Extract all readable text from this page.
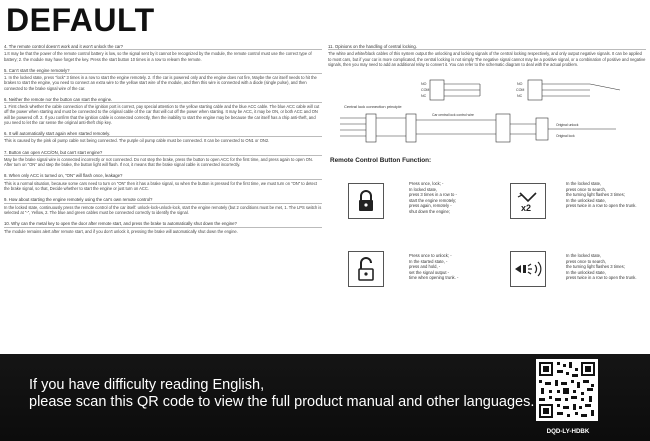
DEFAULT
4. The remote control doesn't work and it won't unlock the car?
1.It may be that the power of the remote control battery is low, so the signal sent by it cannot be recognized by the module, the remote control must use the correct type of battery; 2. the module may have forget the key. Press the start button 10 times in a row to relearn the remote.
5. Can't start the engine remotely?
1. In the locked state, press "lock" 3 times in a row to start the engine remotely. 2. If the car is powered only and the engine does not fire, Maybe the car itself needs to hit the brakes to start the engine, you need to connect an extra wire to the yellow start wire of the module, and then this wire is connected with a diode (single pulse), and then connected to the brake signal wire of the car.
6. Neither the remote nor the button can start the engine.
1. First check whether the cable connection of the ignition port is correct, pay special attention to the yellow starting cable and the blue ACC cable. The blue ACC cable will cut off the power when starting and must be connected to the original cable of the car that will cut off the power when starting. It may be ACC, it may be ON, or both ACC and ON will be powered off. 2. If you confirm that the ignition cable is connected correctly, then the inability to start the engine may be because the car itself has a chip anti-theft, and you need to let the car sense the original anti-theft chip key.
6. It will automatically start again when started remotely.
This is caused by the pink oil pump cable not being connected. The purple oil pump cable must be connected. It can be connected to ON1 or ON2.
7. Button can open ACC/ON, but can't start engine?
May be the brake signal wire is connected incorrectly or not connected. Do not step the brake, press the button to open ACC for the first time, and press again to open ON. After turn on "ON" and step the brake, the button light will flash. If not, it means that the brake signal cable is connected incorrectly.
8. When only ACC is turned on, "ON" will flash once, leakage?
This is a normal situation, because some cars need to turn on "ON" then it has a brake signal, so when the button is pressed for the first time, we must turn on "ON" to detect the brake signal, so that, Decide whether to start the engine or just turn on ACC.
9. How about starting the engine remotely using the car's own remote control?
In the locked state, continuously press the remote control of the car itself: unlock-lock-unlock-lock, start the engine remotely (but 2 conditions must be met, 1. The LPS switch is selected at "-", Yellow, 2. The blue and green cables must be connected correctly to identify the signal.
10. Why can the metal key to open the door after remote start, and press the brake to automatically shut down the engine?
The module remains alert after remote start, and if you don't unlock it, pressing the brake will automatically shut down the engine.
11. Opinions on the handling of central locking.
The white and white/black cables of this system output the unlocking and locking signals of the central locking respectively, and only output negative signals. It can be applied to most cars, but if your car is more complicated, the central locking is not simply The negative signal cannot may be a positive signal, or a combination of positive and negative signals, then you may need to add an additional relay to convert it. You can refer to the schematic diagram to deal with the actual problem.
NO
COM
NC
NO
COM
NC
Central lock connection principle
Car central lock control wire
Original unlock
Original lock
Remote Control Button Function:
Press once, lock; -
In locked state,
press 3 times in a row to -
start the engine remotely;
press again, remotely -
shut down the engine;	x2
In the locked state,
press once to search,
the turning light flashes 3 times;
In the unlocked state,
press twice in a row to open the trunk.
Press once to unlock; -
In the started state, -
press and hold, -
set the signal output -
time when opening trunk. -
In the locked state,
press once to search,
the turning light flashes 3 times;
In the unlocked state,
press twice in a row to open the trunk.
If you have difficulty reading English,
please scan this QR code to view the full product manual and other languages.
DQD-LY-HDBK
